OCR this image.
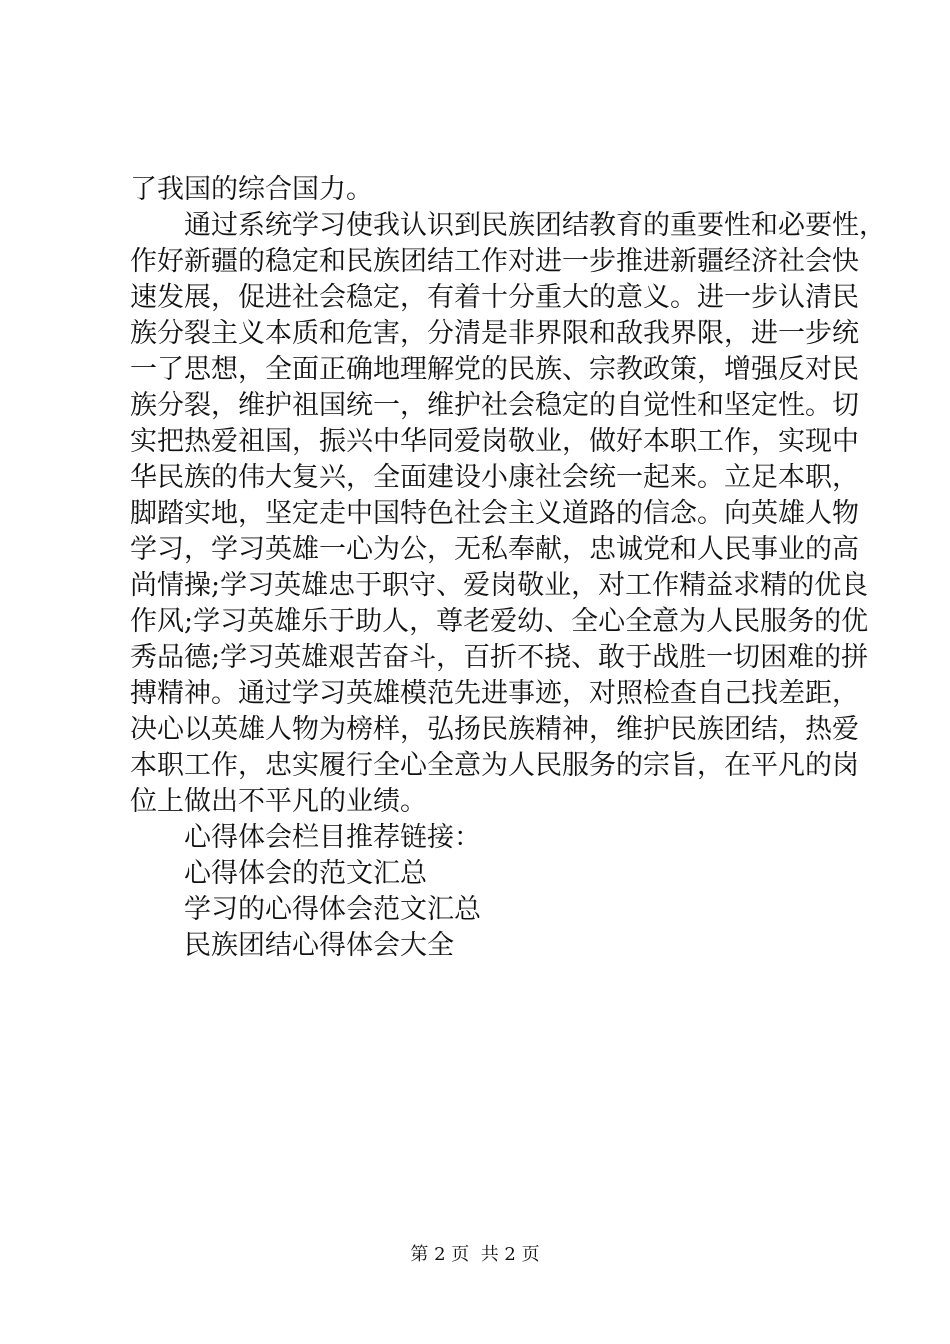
了我国的综合国力。
通过系统学习使我认识到民族团结教育的重要性和必要性，
作好新疆的稳定和民族团结工作对进一步推进新疆经济社会快
速发展，促进社会稳定，有着十分重大的意义。进一步认清民
族分裂主义本质和危害，分清是非界限和敌我界限，进一步统
一了思想，全面正确地理解党的民族、宗教政策，增强反对民
族分裂，维护祖国统一，维护社会稳定的自觉性和坚定性。切
实把热爱祖国，振兴中华同爱岗敬业，做好本职工作，实现中
华民族的伟大复兴，全面建设小康社会统一起来。立足本职，
脚踏实地，坚定走中国特色社会主义道路的信念。向英雄人物
学习，学习英雄一心为公，无私奉献，忠诚党和人民事业的高
尚情操;学习英雄忠于职守、爱岗敬业，对工作精益求精的优良
作风;学习英雄乐于助人，尊老爱幼、全心全意为人民服务的优
秀品德;学习英雄艰苦奋斗，百折不挠、敢于战胜一切困难的拼
搏精神。通过学习英雄模范先进事迹，对照检查自己找差距，
决心以英雄人物为榜样，弘扬民族精神，维护民族团结，热爱
本职工作，忠实履行全心全意为人民服务的宗旨，在平凡的岗
位上做出不平凡的业绩。
心得体会栏目推荐链接：
心得体会的范文汇总
学习的心得体会范文汇总
民族团结心得体会大全
第 2 页  共 2 页
